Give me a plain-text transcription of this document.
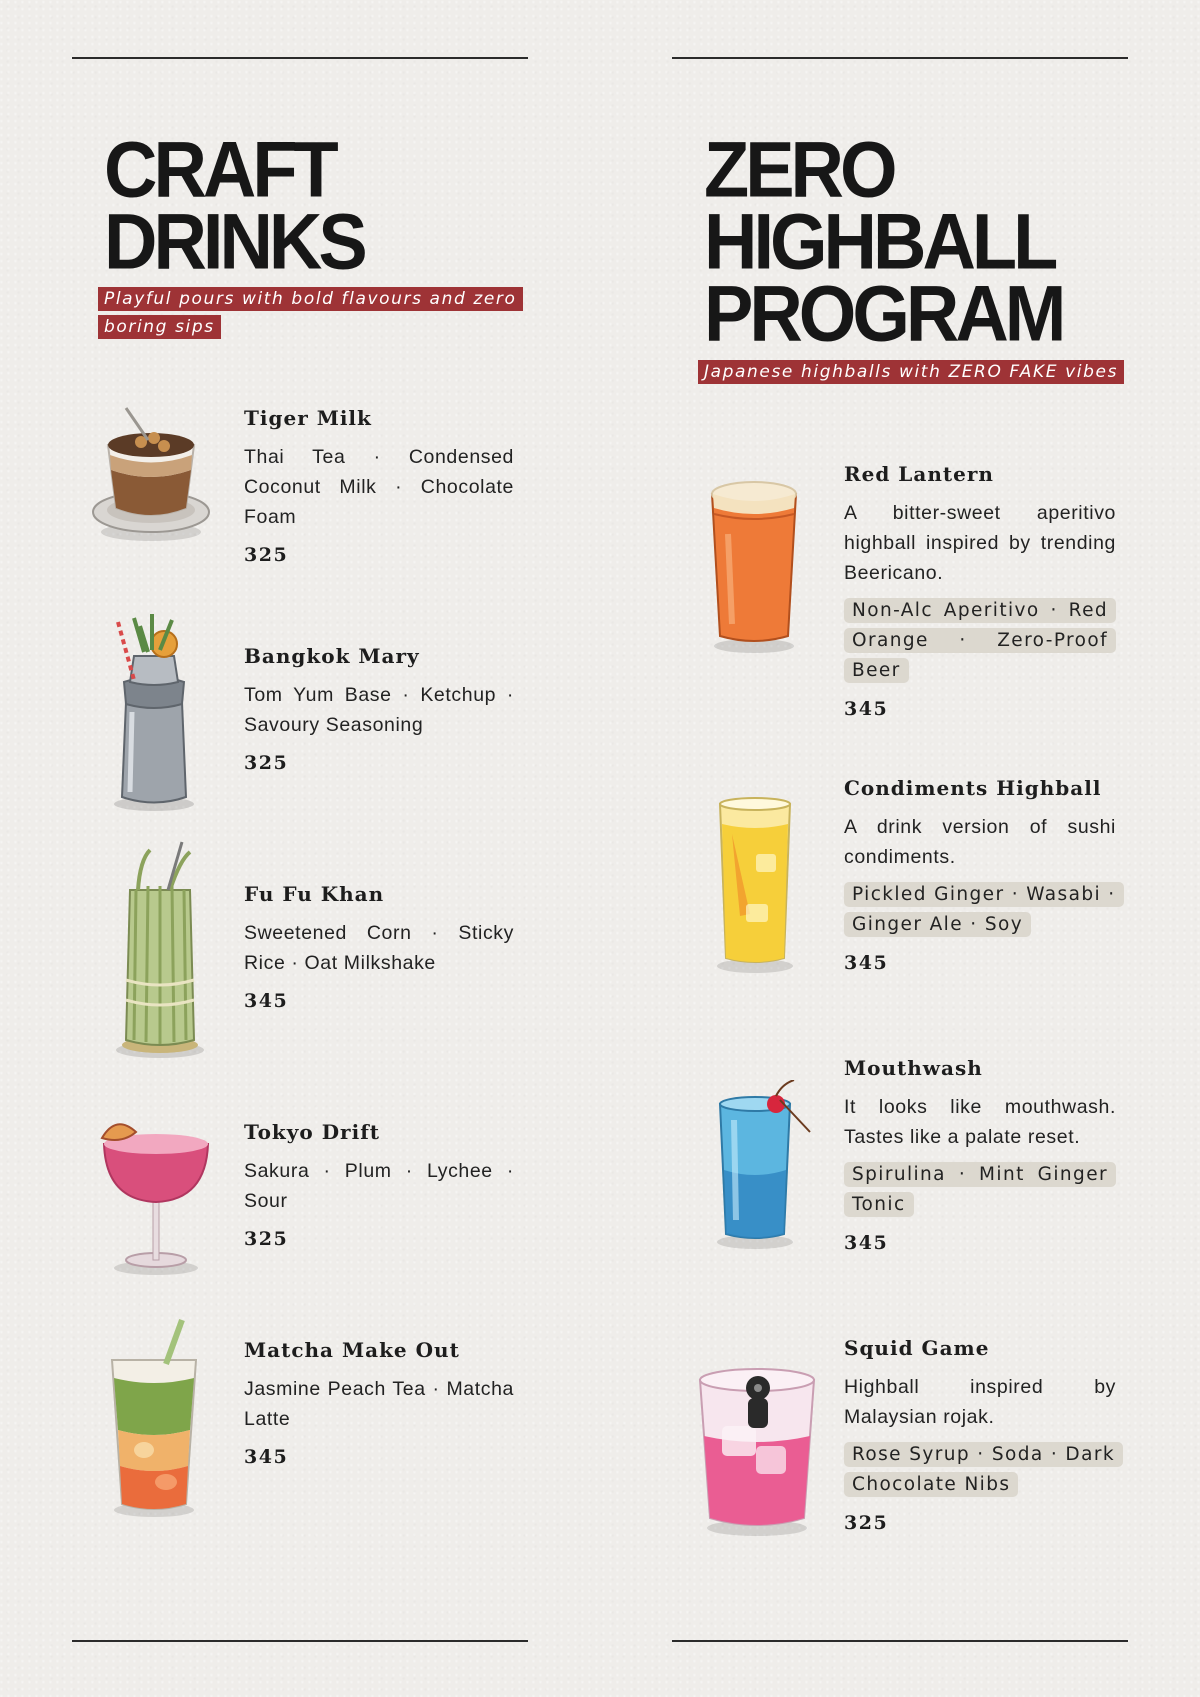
CRAFT
DRINKS
Playful pours with bold flavours and zero boring sips
Tiger Milk
Thai Tea · Condensed Coconut Milk · Chocolate Foam
325
Bangkok Mary
Tom Yum Base · Ketchup · Savoury Seasoning
325
Fu Fu Khan
Sweetened Corn · Sticky Rice · Oat Milkshake
345
Tokyo Drift
Sakura · Plum · Lychee · Sour
325
Matcha Make Out
Jasmine Peach Tea · Matcha Latte
345
ZERO
HIGHBALL
PROGRAM
Japanese highballs with ZERO FAKE vibes
Red Lantern
A bitter-sweet aperitivo highball inspired by trending Beericano.
Non-Alc Aperitivo · Red Orange · Zero-Proof Beer
345
Condiments Highball
A drink version of sushi condiments.
Pickled Ginger · Wasabi · Ginger Ale · Soy
345
Mouthwash
It looks like mouthwash. Tastes like a palate reset.
Spirulina · Mint Ginger Tonic
345
Squid Game
Highball inspired by Malaysian rojak.
Rose Syrup · Soda · Dark Chocolate Nibs
325
